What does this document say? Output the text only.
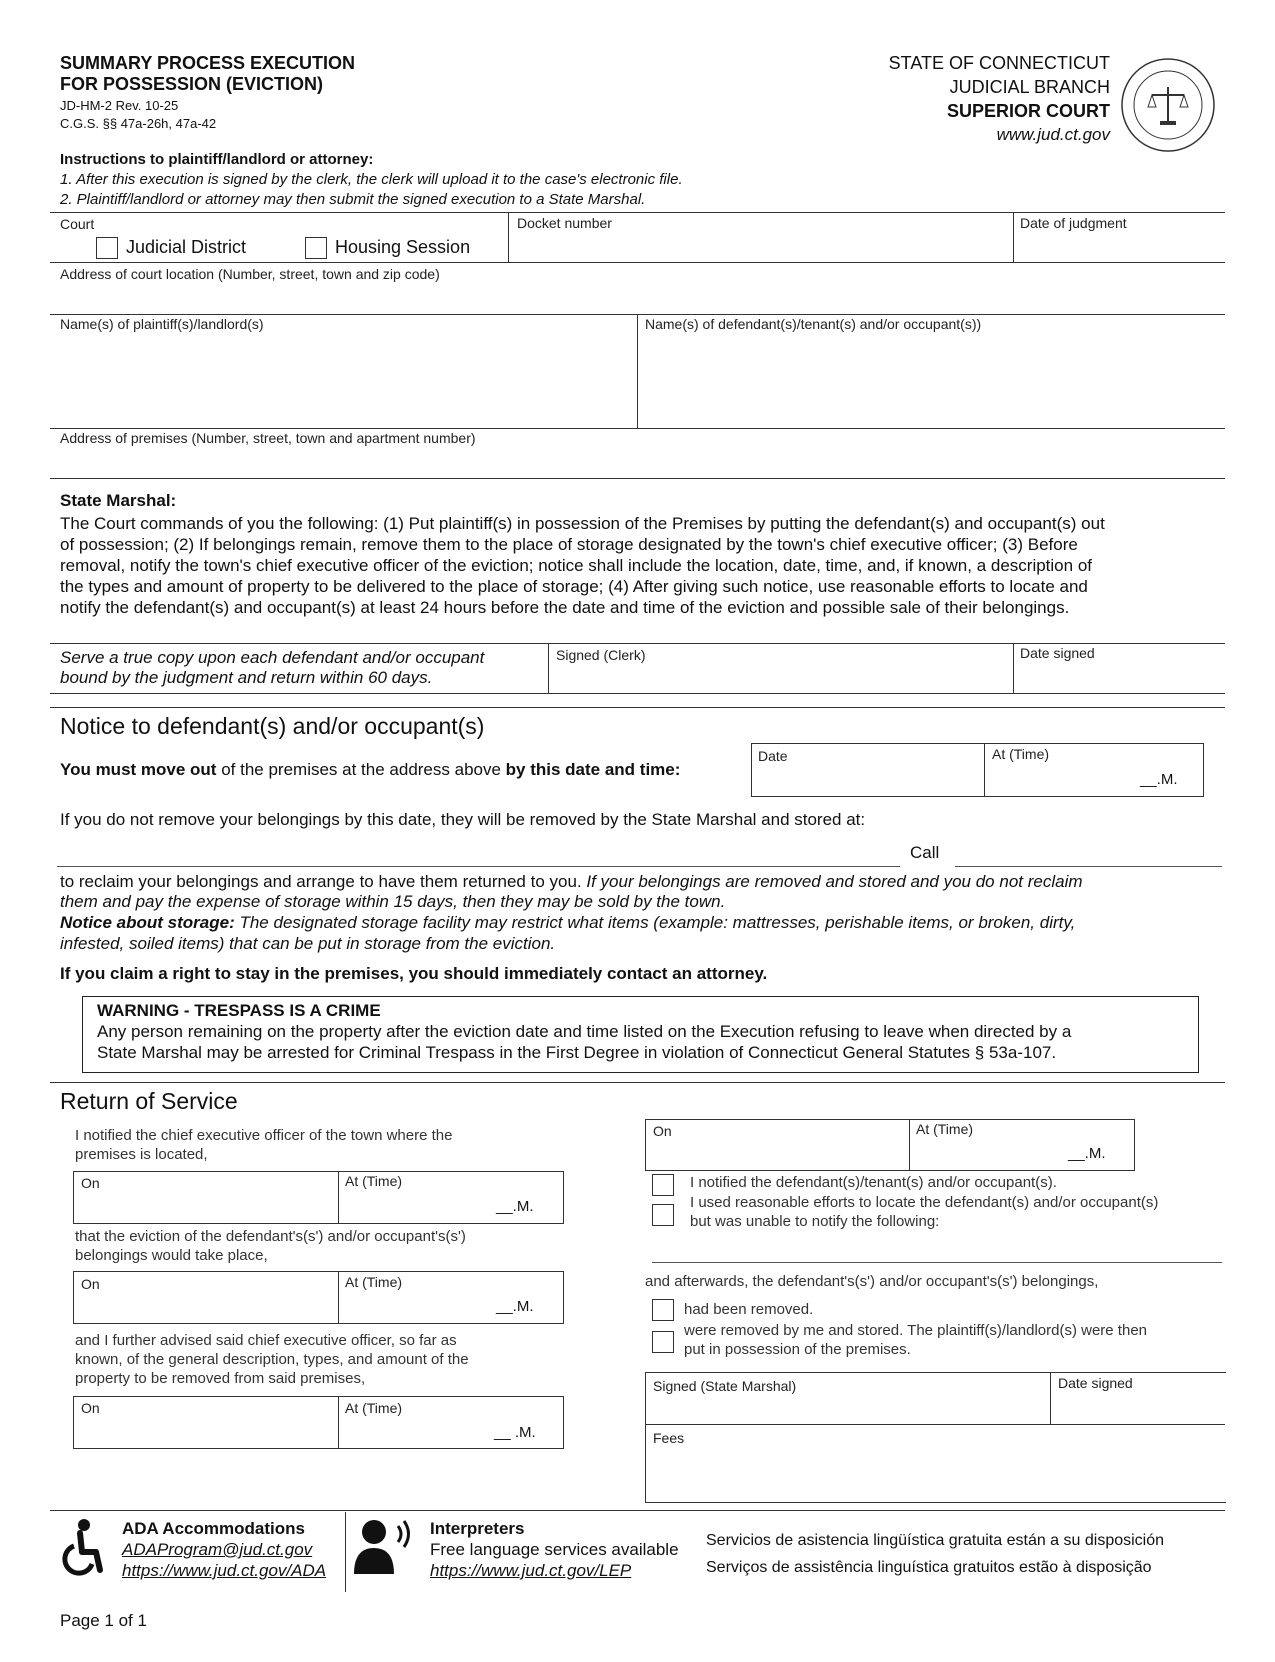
SUMMARY PROCESS EXECUTION
FOR POSSESSION (EVICTION)
JD-HM-2 Rev. 10-25
C.G.S. §§ 47a-26h, 47a-42
STATE OF CONNECTICUT
JUDICIAL BRANCH
SUPERIOR COURT
www.jud.ct.gov
Instructions to plaintiff/landlord or attorney:
1. After this execution is signed by the clerk, the clerk will upload it to the case's electronic file.
2. Plaintiff/landlord or attorney may then submit the signed execution to a State Marshal.
Court
Judicial District	Housing Session
Docket number	Date of judgment
Address of court location (Number, street, town and zip code)
Name(s) of plaintiff(s)/landlord(s)	Name(s) of defendant(s)/tenant(s) and/or occupant(s))
Address of premises (Number, street, town and apartment number)
State Marshal:
The Court commands of you the following: (1) Put plaintiff(s) in possession of the Premises by putting the defendant(s) and occupant(s) out
of possession; (2) If belongings remain, remove them to the place of storage designated by the town's chief executive officer; (3) Before
removal, notify the town's chief executive officer of the eviction; notice shall include the location, date, time, and, if known, a description of
the types and amount of property to be delivered to the place of storage; (4) After giving such notice, use reasonable efforts to locate and
notify the defendant(s) and occupant(s) at least 24 hours before the date and time of the eviction and possible sale of their belongings.
Serve a true copy upon each defendant and/or occupant
bound by the judgment and return within 60 days.
Signed (Clerk)	Date signed
Notice to defendant(s) and/or occupant(s)
You must move out of the premises at the address above by this date and time:
Date	At (Time)
__.M.
If you do not remove your belongings by this date, they will be removed by the State Marshal and stored at:
Call
to reclaim your belongings and arrange to have them returned to you. If your belongings are removed and stored and you do not reclaim
them and pay the expense of storage within 15 days, then they may be sold by the town.
Notice about storage: The designated storage facility may restrict what items (example: mattresses, perishable items, or broken, dirty,
infested, soiled items) that can be put in storage from the eviction.
If you claim a right to stay in the premises, you should immediately contact an attorney.
WARNING - TRESPASS IS A CRIME
Any person remaining on the property after the eviction date and time listed on the Execution refusing to leave when directed by a
State Marshal may be arrested for Criminal Trespass in the First Degree in violation of Connecticut General Statutes § 53a-107.
Return of Service
I notified the chief executive officer of the town where the
premises is located,
On	At (Time)
__.M.
that the eviction of the defendant's(s') and/or occupant's(s')
belongings would take place,
On	At (Time)
__.M.
and I further advised said chief executive officer, so far as
known, of the general description, types, and amount of the
property to be removed from said premises,
On	At (Time)
__ .M.
On	At (Time)
__.M.
I notified the defendant(s)/tenant(s) and/or occupant(s).
I used reasonable efforts to locate the defendant(s) and/or occupant(s)
but was unable to notify the following:
and afterwards, the defendant's(s') and/or occupant's(s') belongings,
had been removed.
were removed by me and stored. The plaintiff(s)/landlord(s) were then
put in possession of the premises.
Signed (State Marshal)	Date signed
Fees
ADA Accommodations
ADAProgram@jud.ct.gov
https://www.jud.ct.gov/ADA
Interpreters
Free language services available
https://www.jud.ct.gov/LEP
Servicios de asistencia lingüística gratuita están a su disposición
Serviços de assistência linguística gratuitos estão à disposição
Page 1 of 1
